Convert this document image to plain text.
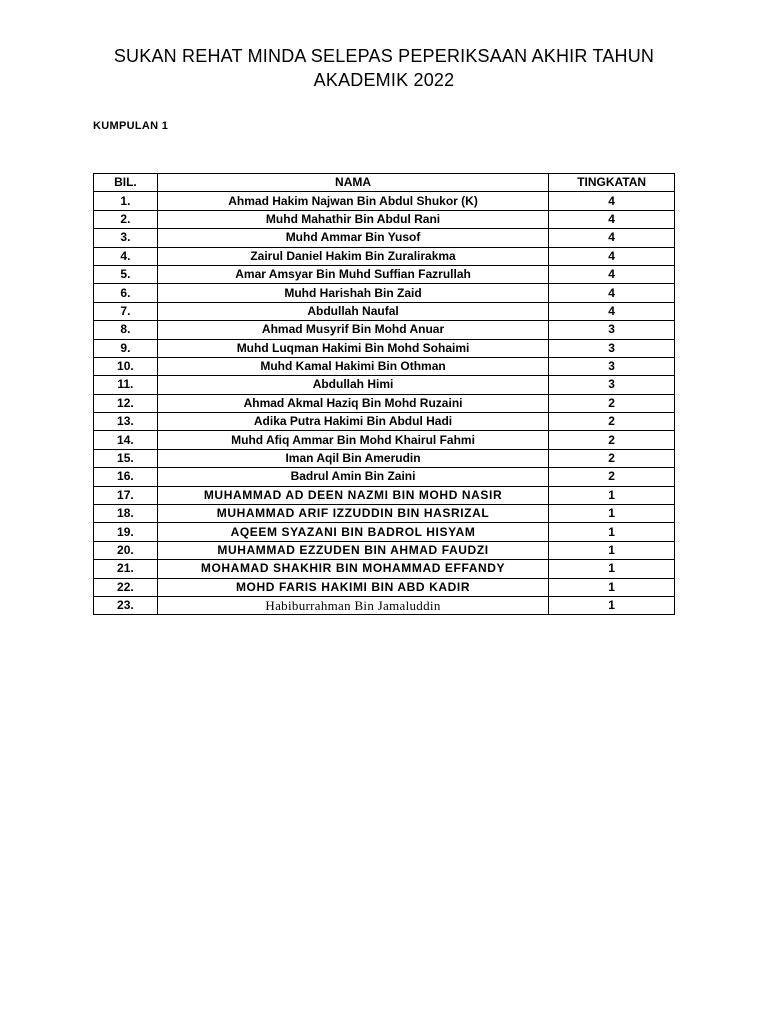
SUKAN REHAT MINDA SELEPAS PEPERIKSAAN AKHIR TAHUN
AKADEMIK 2022
KUMPULAN 1
BIL.	NAMA	TINGKATAN
1.	Ahmad Hakim Najwan Bin Abdul Shukor (K)	4
2.	Muhd Mahathir Bin Abdul Rani	4
3.	Muhd Ammar Bin Yusof	4
4.	Zairul Daniel Hakim Bin Zuralirakma	4
5.	Amar Amsyar Bin Muhd Suffian Fazrullah	4
6.	Muhd Harishah Bin Zaid	4
7.	Abdullah Naufal	4
8.	Ahmad Musyrif Bin Mohd Anuar	3
9.	Muhd Luqman Hakimi Bin Mohd Sohaimi	3
10.	Muhd Kamal Hakimi Bin Othman	3
11.	Abdullah Himi	3
12.	Ahmad Akmal Haziq Bin Mohd Ruzaini	2
13.	Adika Putra Hakimi Bin Abdul Hadi	2
14.	Muhd Afiq Ammar Bin Mohd Khairul Fahmi	2
15.	Iman Aqil Bin Amerudin	2
16.	Badrul Amin Bin Zaini	2
17.	MUHAMMAD AD DEEN NAZMI BIN MOHD NASIR	1
18.	MUHAMMAD ARIF IZZUDDIN BIN HASRIZAL	1
19.	AQEEM SYAZANI BIN BADROL HISYAM	1
20.	MUHAMMAD EZZUDEN BIN AHMAD FAUDZI	1
21.	MOHAMAD SHAKHIR BIN MOHAMMAD EFFANDY	1
22.	MOHD FARIS HAKIMI BIN ABD KADIR	1
23.	Habiburrahman Bin Jamaluddin	1
